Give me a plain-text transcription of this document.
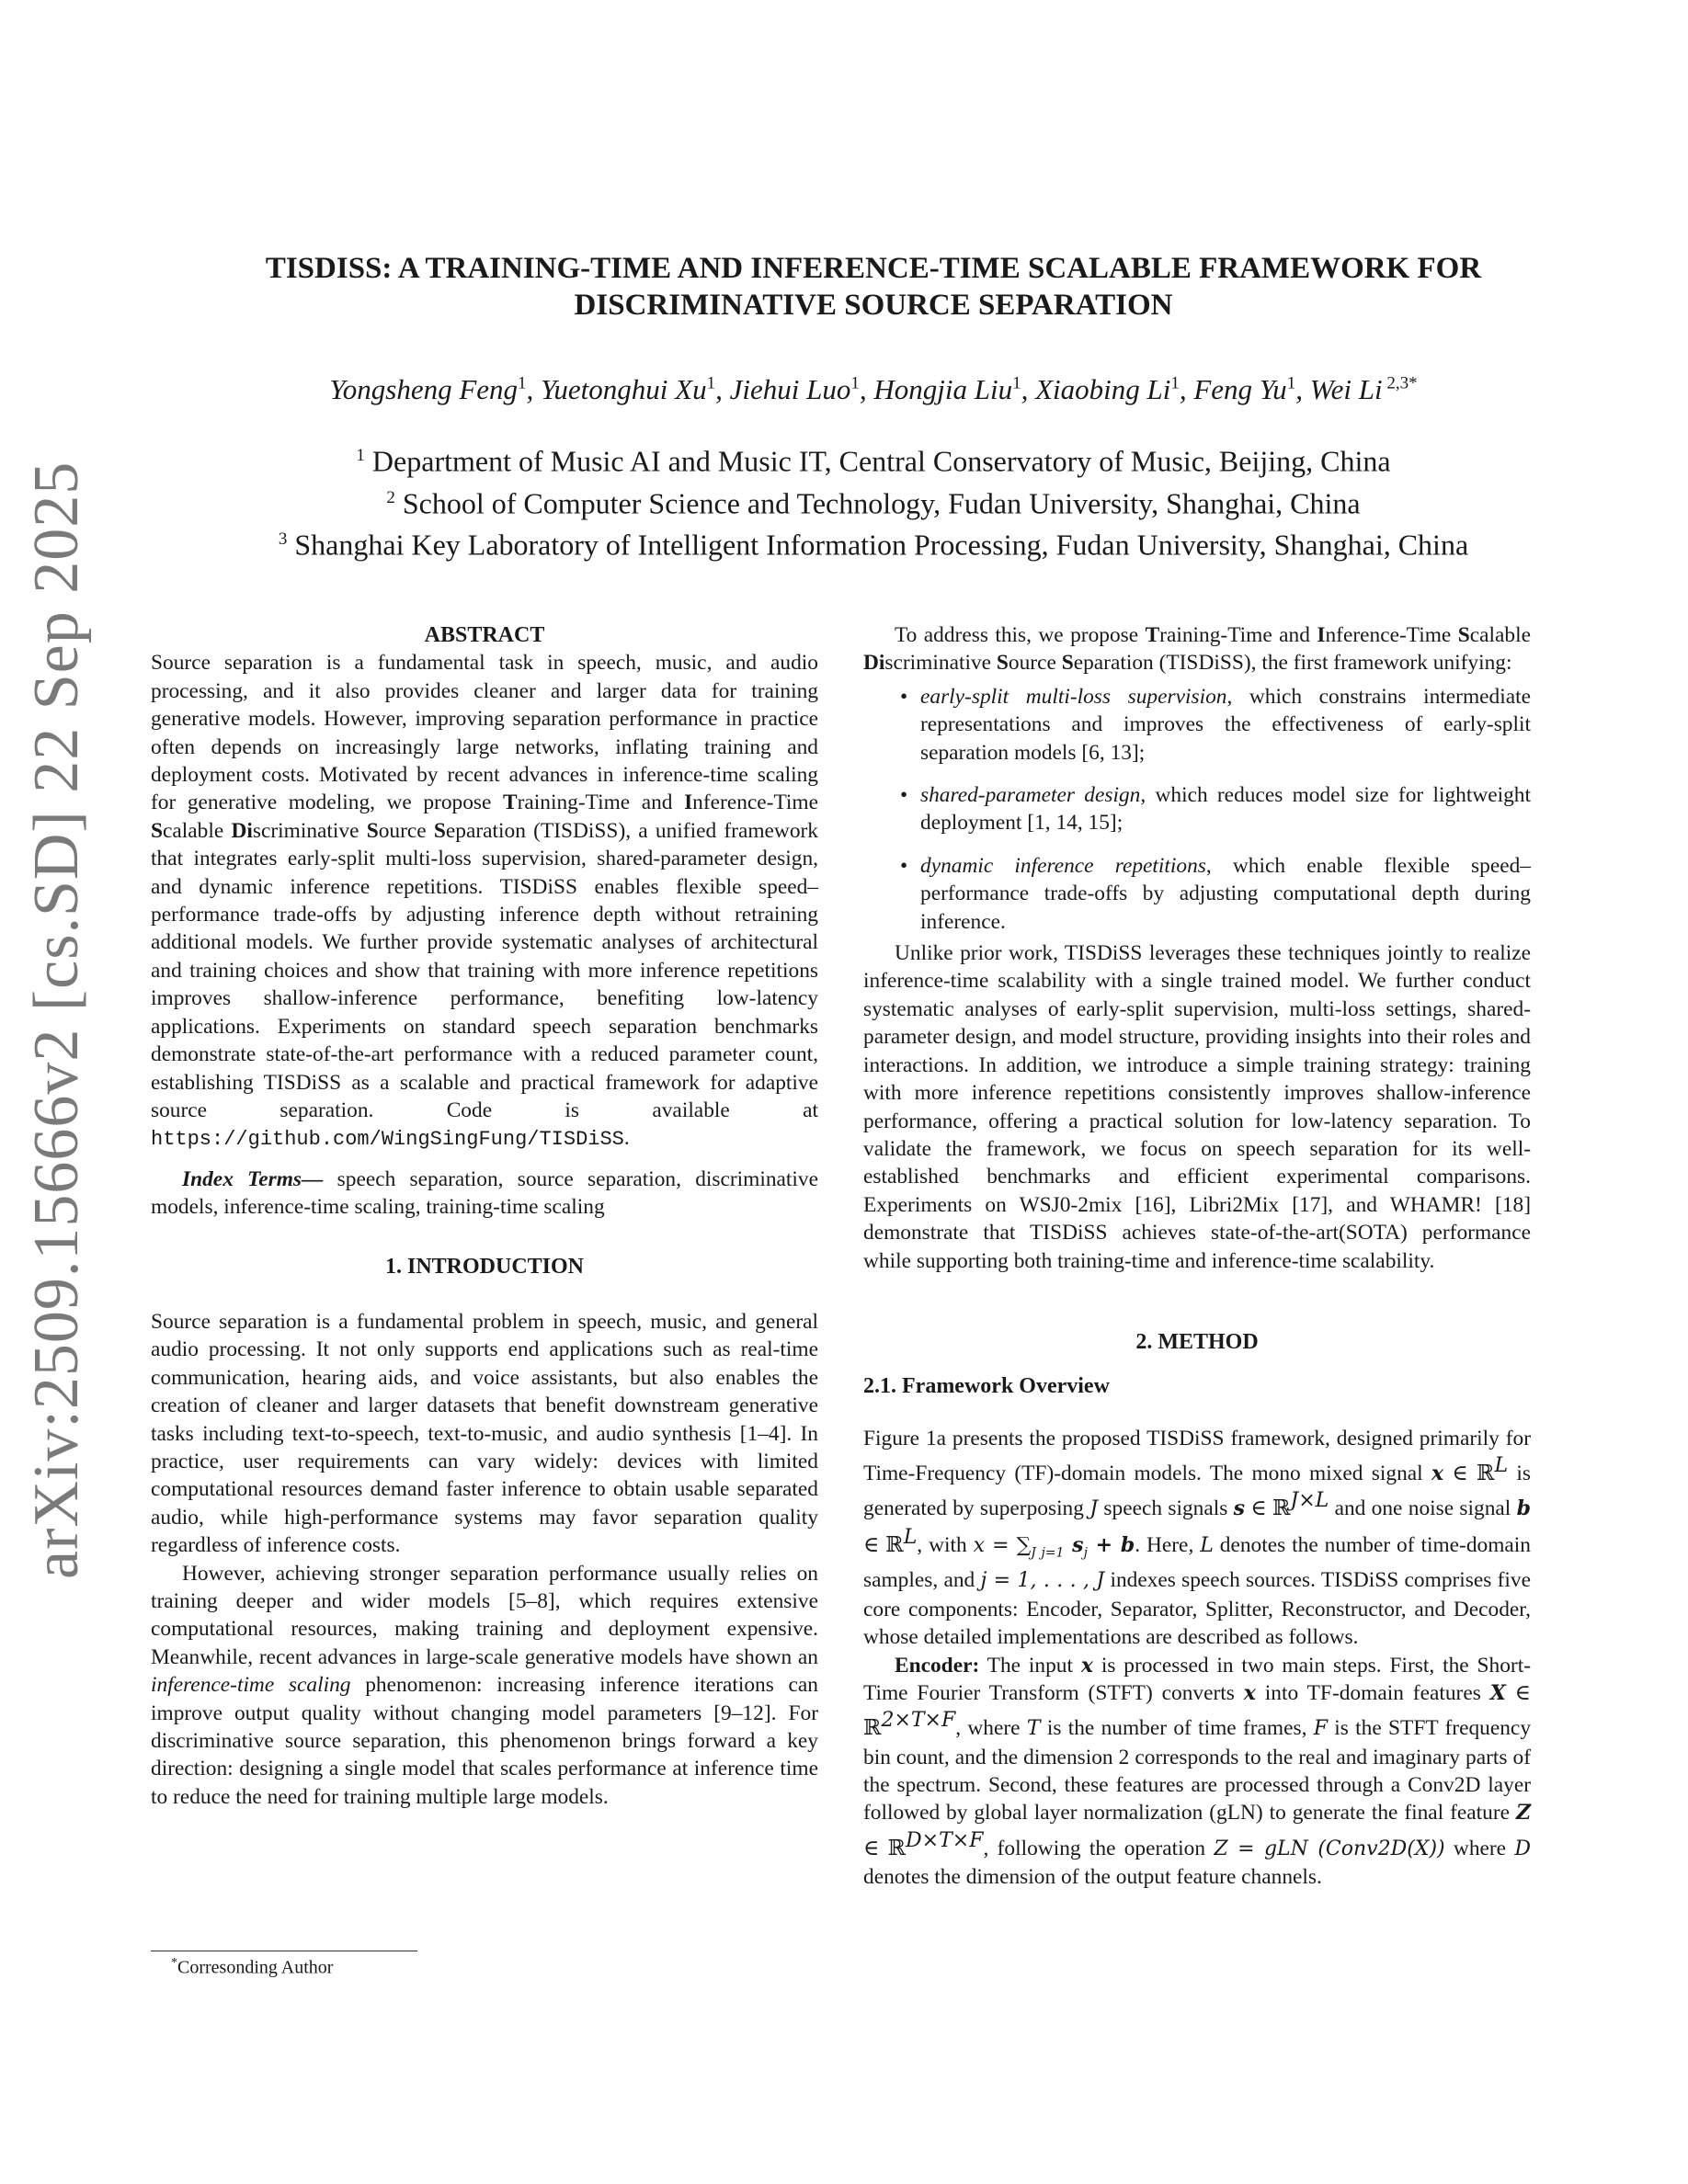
arXiv:2509.15666v2 [cs.SD] 22 Sep 2025
TISDISS: A TRAINING-TIME AND INFERENCE-TIME SCALABLE FRAMEWORK FOR
DISCRIMINATIVE SOURCE SEPARATION
Yongsheng Feng$^1$, Yuetonghui Xu$^1$, Jiehui Luo$^1$, Hongjia Liu$^1$, Xiaobing Li$^1$, Feng Yu$^1$, Wei Li $^{2,3*}$
$^1$ Department of Music AI and Music IT, Central Conservatory of Music, Beijing, China
$^2$ School of Computer Science and Technology, Fudan University, Shanghai, China
$^3$ Shanghai Key Laboratory of Intelligent Information Processing, Fudan University, Shanghai, China

ABSTRACT

Source separation is a fundamental task in speech, music, and audio processing, and it also provides cleaner and larger data for training generative models. However, improving separation performance in practice often depends on increasingly large networks, inflating training and deployment costs. Motivated by recent advances in inference-time scaling for generative modeling, we propose Training-Time and Inference-Time Scalable Discriminative Source Separation (TISDiSS), a unified framework that integrates early-split multi-loss supervision, shared-parameter design, and dynamic inference repetitions. TISDiSS enables flexible speed–performance trade-offs by adjusting inference depth without retraining additional models. We further provide systematic analyses of architectural and training choices and show that training with more inference repetitions improves shallow-inference performance, benefiting low-latency applications. Experiments on standard speech separation benchmarks demonstrate state-of-the-art performance with a reduced parameter count, establishing TISDiSS as a scalable and practical framework for adaptive source separation. Code is available at https://github.com/WingSingFung/TISDiSS.

Index Terms— speech separation, source separation, discriminative models, inference-time scaling, training-time scaling

1. INTRODUCTION

Source separation is a fundamental problem in speech, music, and general audio processing. It not only supports end applications such as real-time communication, hearing aids, and voice assistants, but also enables the creation of cleaner and larger datasets that benefit downstream generative tasks including text-to-speech, text-to-music, and audio synthesis [1–4]. In practice, user requirements can vary widely: devices with limited computational resources demand faster inference to obtain usable separated audio, while high-performance systems may favor separation quality regardless of inference costs.

However, achieving stronger separation performance usually relies on training deeper and wider models [5–8], which requires extensive computational resources, making training and deployment expensive. Meanwhile, recent advances in large-scale generative models have shown an inference-time scaling phenomenon: increasing inference iterations can improve output quality without changing model parameters [9–12]. For discriminative source separation, this phenomenon brings forward a key direction: designing a single model that scales performance at inference time to reduce the need for training multiple large models.

*Corresonding Author

To address this, we propose Training-Time and Inference-Time Scalable Discriminative Source Separation (TISDiSS), the first framework unifying:

• early-split multi-loss supervision, which constrains intermediate representations and improves the effectiveness of early-split separation models [6, 13];
• shared-parameter design, which reduces model size for lightweight deployment [1, 14, 15];
• dynamic inference repetitions, which enable flexible speed–performance trade-offs by adjusting computational depth during inference.

Unlike prior work, TISDiSS leverages these techniques jointly to realize inference-time scalability with a single trained model. We further conduct systematic analyses of early-split supervision, multi-loss settings, shared-parameter design, and model structure, providing insights into their roles and interactions. In addition, we introduce a simple training strategy: training with more inference repetitions consistently improves shallow-inference performance, offering a practical solution for low-latency separation. To validate the framework, we focus on speech separation for its well-established benchmarks and efficient experimental comparisons. Experiments on WSJ0-2mix [16], Libri2Mix [17], and WHAMR! [18] demonstrate that TISDiSS achieves state-of-the-art(SOTA) performance while supporting both training-time and inference-time scalability.

2. METHOD

2.1. Framework Overview

Figure 1a presents the proposed TISDiSS framework, designed primarily for Time-Frequency (TF)-domain models. The mono mixed signal x ∈ ℝ$^L$ is generated by superposing J speech signals s ∈ ℝ$^{J\times L}$ and one noise signal b ∈ ℝ$^L$, with $x = \sum_{J j=1}$ $s_j + b$. Here, L denotes the number of time-domain samples, and j = 1, . . . , J indexes speech sources. TISDiSS comprises five core components: Encoder, Separator, Splitter, Reconstructor, and Decoder, whose detailed implementations are described as follows.

Encoder: The input x is processed in two main steps. First, the Short-Time Fourier Transform (STFT) converts x into TF-domain features X ∈ ℝ$^{2\times T\times F}$, where T is the number of time frames, F is the STFT frequency bin count, and the dimension 2 corresponds to the real and imaginary parts of the spectrum. Second, these features are processed through a Conv2D layer followed by global layer normalization (gLN) to generate the final feature Z ∈ ℝ$^{D\times T\times F}$, following the operation Z = gLN (Conv2D(X)) where D denotes the dimension of the output feature channels.
